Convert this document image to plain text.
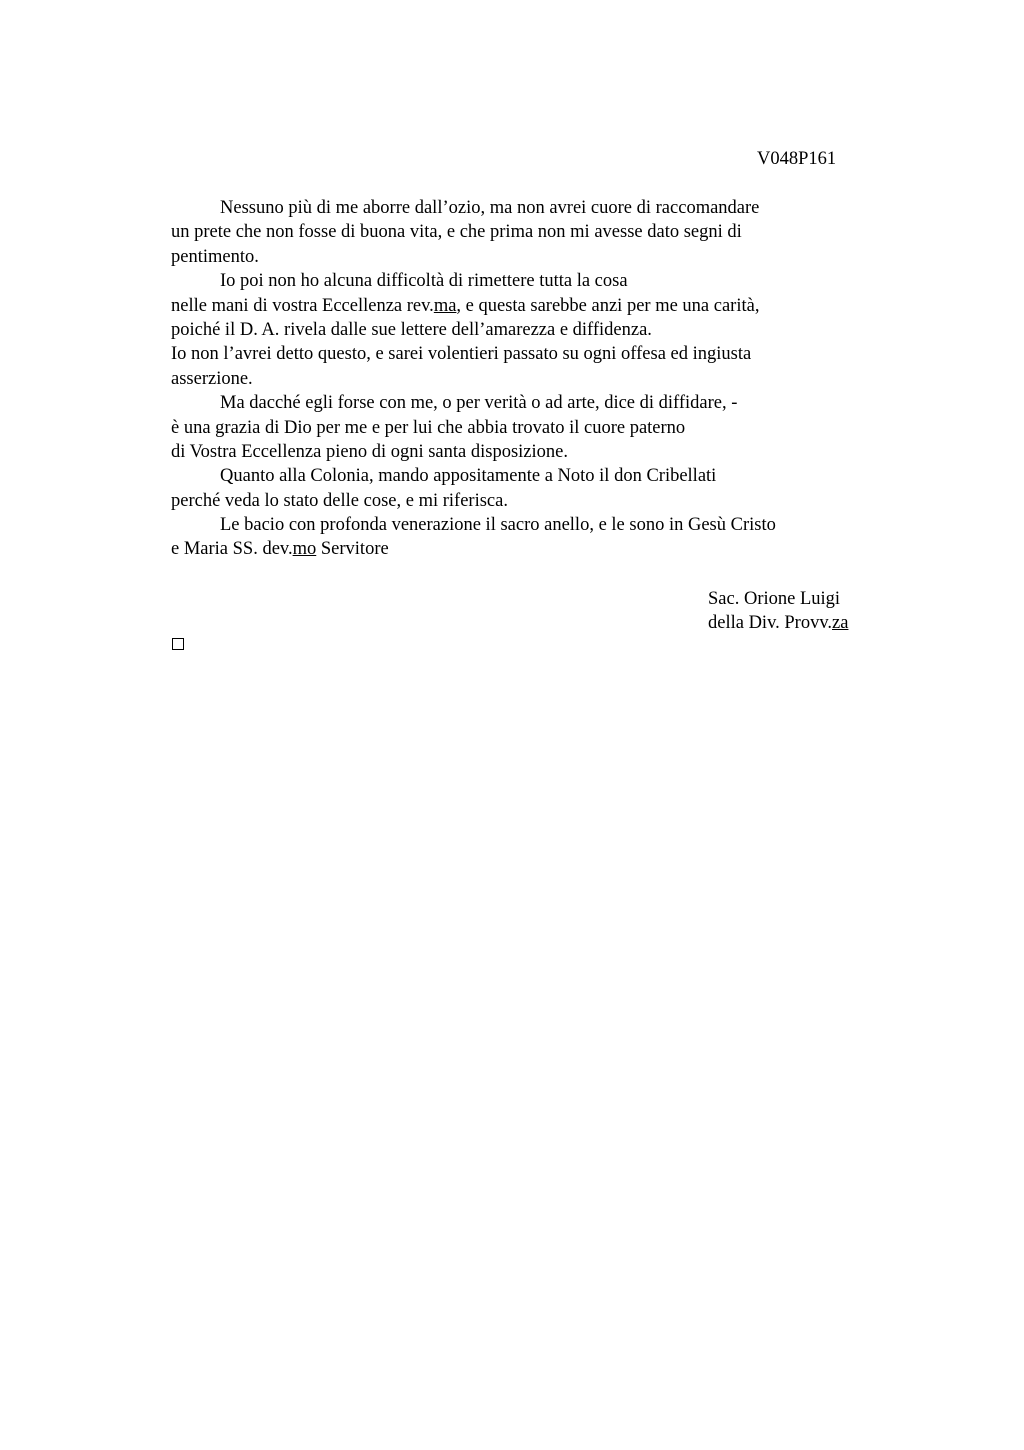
V048P161
Nessuno più di me aborre dall’ozio, ma non avrei cuore di raccomandare
un prete che non fosse di buona vita, e che prima non mi avesse dato segni di
pentimento.
Io poi non ho alcuna difficoltà di rimettere tutta la cosa
nelle mani di vostra Eccellenza rev.ma, e questa sarebbe anzi per me una carità,
poiché il D. A. rivela dalle sue lettere dell’amarezza e diffidenza.
Io non l’avrei detto questo, e sarei volentieri passato su ogni offesa ed ingiusta
asserzione.
Ma dacché egli forse con me, o per verità o ad arte, dice di diffidare, -
è una grazia di Dio per me e per lui che abbia trovato il cuore paterno
di Vostra Eccellenza pieno di ogni santa disposizione.
Quanto alla Colonia, mando appositamente a Noto il don Cribellati
perché veda lo stato delle cose, e mi riferisca.
Le bacio con profonda venerazione il sacro anello, e le sono in Gesù Cristo
e Maria SS. dev.mo Servitore
Sac. Orione Luigi
della Div. Provv.za
